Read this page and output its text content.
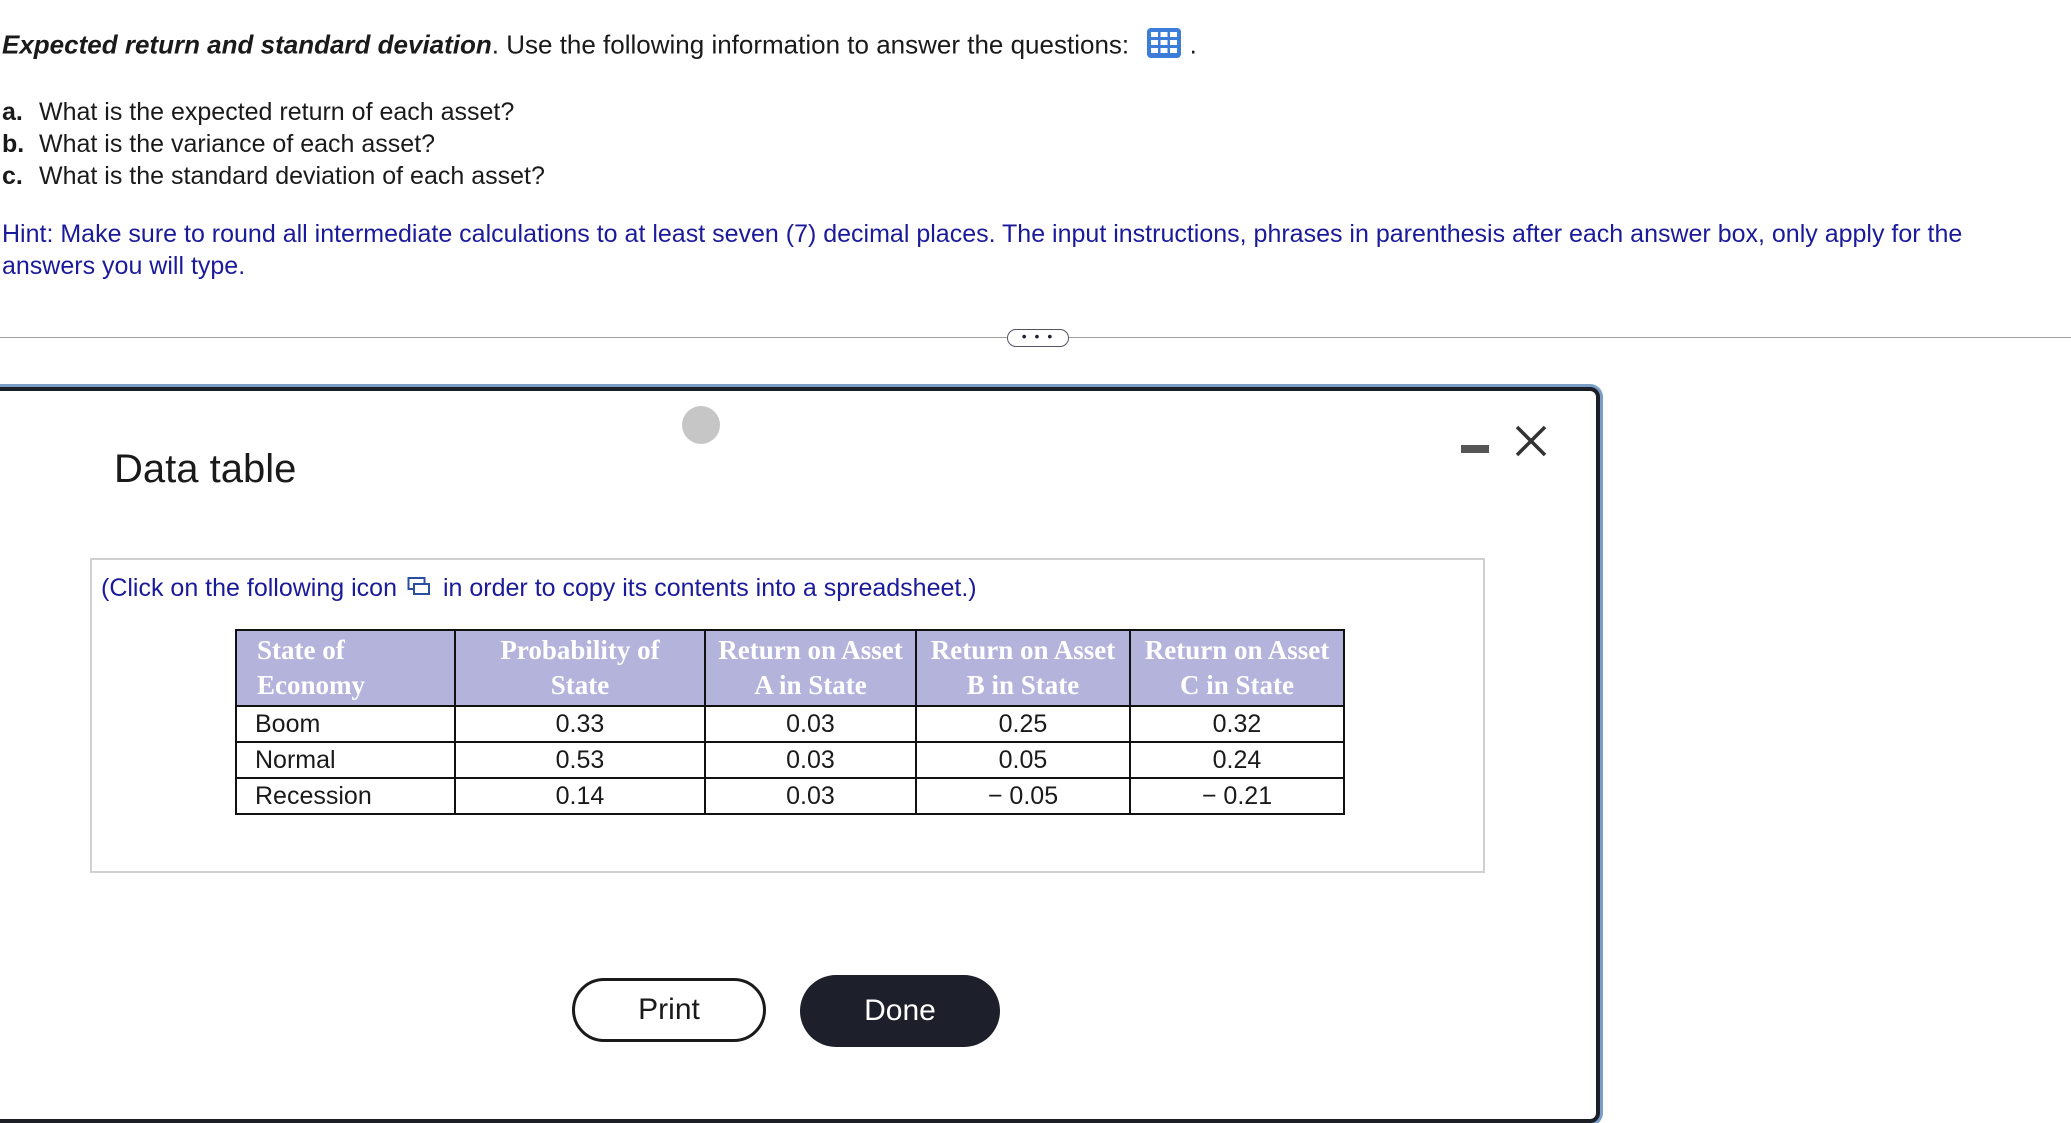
Expected return and standard deviation. Use the following information to answer the questions: .
a. What is the expected return of each asset?
b. What is the variance of each asset?
c. What is the standard deviation of each asset?
Hint: Make sure to round all intermediate calculations to at least seven (7) decimal places. The input instructions, phrases in parenthesis after each answer box, only apply for the answers you will type.
• • •
Data table
(Click on the following icon in order to copy its contents into a spreadsheet.)
State of Economy	Probability of State	Return on Asset A in State	Return on Asset B in State	Return on Asset C in State
Boom	0.33	0.03	0.25	0.32
Normal	0.53	0.03	0.05	0.24
Recession	0.14	0.03	− 0.05	− 0.21
Print	Done
